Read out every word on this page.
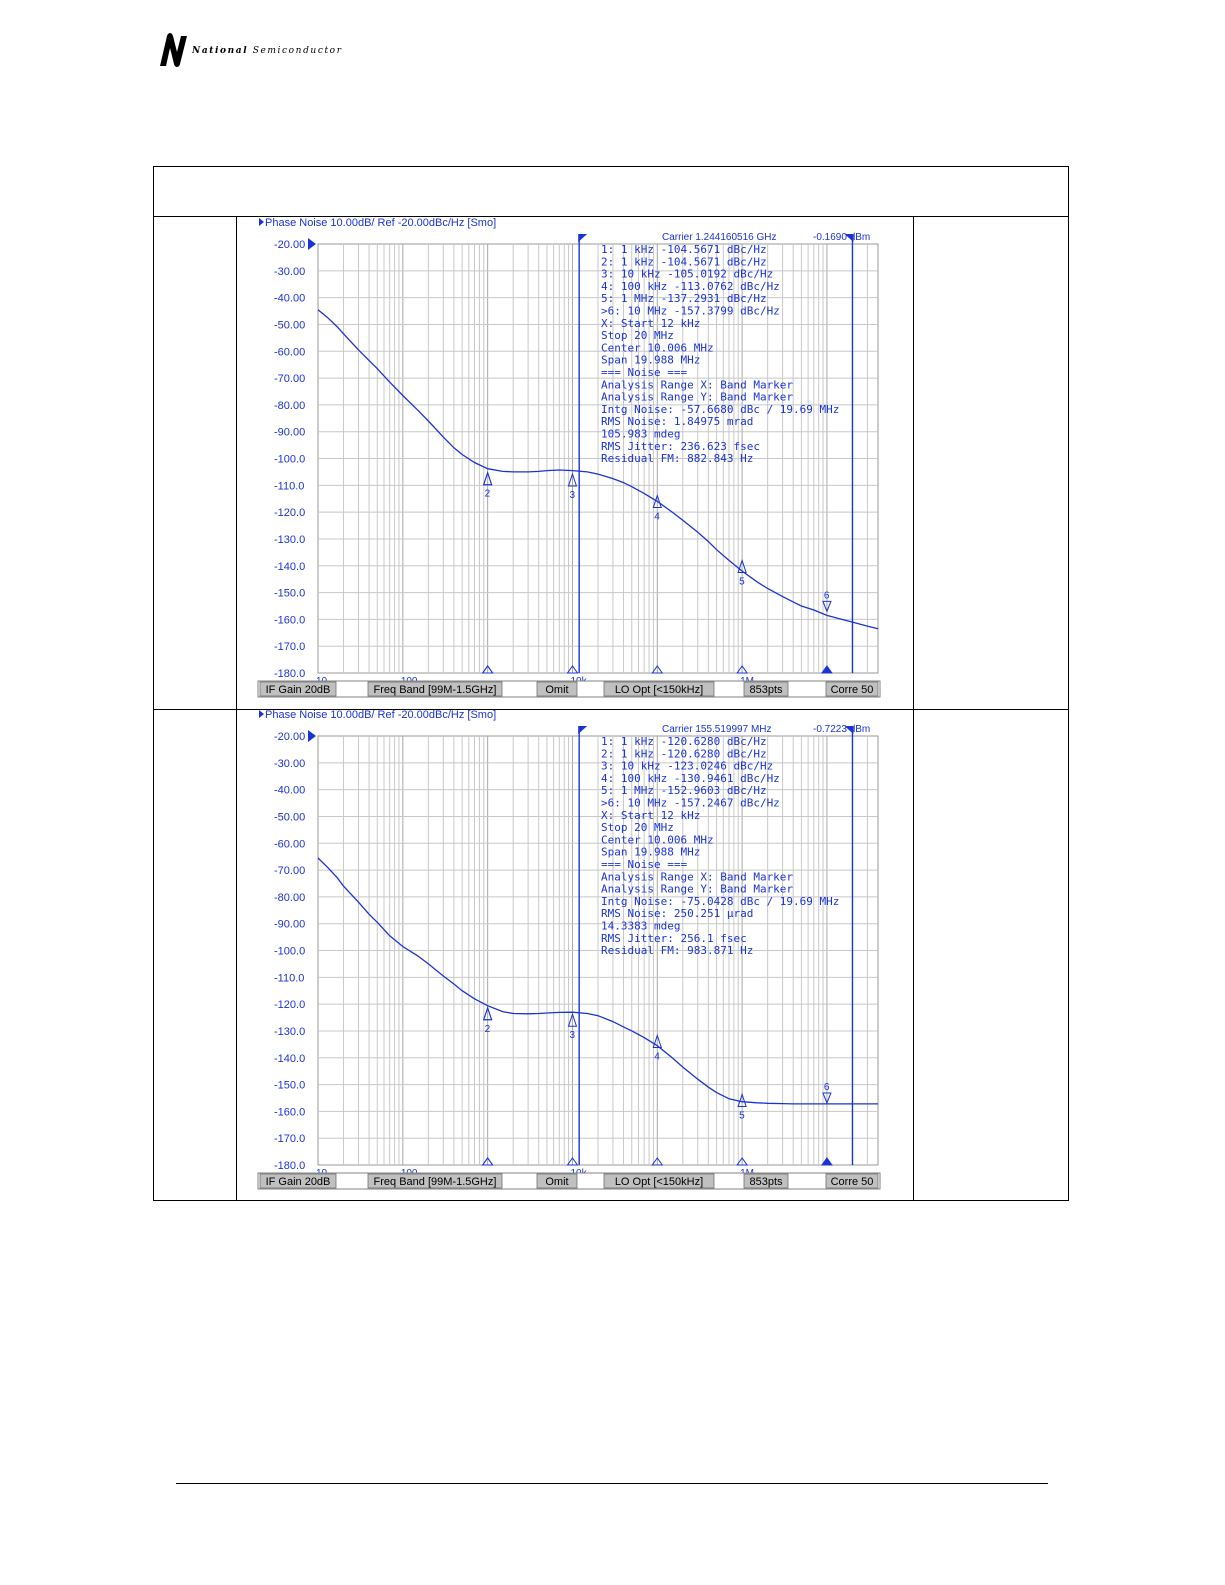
National Semiconductor
Phase Noise 10.00dB/ Ref -20.00dBc/Hz [Smo]
-20.00
-30.00
-40.00
-50.00
-60.00
-70.00
-80.00
-90.00
-100.0
-110.0
-120.0
-130.0
-140.0
-150.0
-160.0
-170.0
-180.0
Carrier 1.244160516 GHz	-0.1690 dBm
2	3
4
5
6
1: 1 kHz -104.5671 dBc/Hz
2: 1 kHz -104.5671 dBc/Hz
3: 10 kHz -105.0192 dBc/Hz
4: 100 kHz -113.0762 dBc/Hz
5: 1 MHz -137.2931 dBc/Hz
>6: 10 MHz -157.3799 dBc/Hz
X: Start 12 kHz
Stop 20 MHz
Center 10.006 MHz
Span 19.988 MHz
=== Noise ===
Analysis Range X: Band Marker
Analysis Range Y: Band Marker
Intg Noise: -57.6680 dBc / 19.69 MHz
RMS Noise: 1.84975 mrad
105.983 mdeg
RMS Jitter: 236.623 fsec
Residual FM: 882.843 Hz
IF Gain 20dB	Freq Band [99M-1.5GHz]	Omit	LO Opt [<150kHz]	853pts	Corre 50
Phase Noise 10.00dB/ Ref -20.00dBc/Hz [Smo]
-20.00
-30.00
-40.00
-50.00
-60.00
-70.00
-80.00
-90.00
-100.0
-110.0
-120.0
-130.0
-140.0
-150.0
-160.0
-170.0
-180.0
Carrier 155.519997 MHz	-0.7223 dBm
2
3
4
5
6
1: 1 kHz -120.6280 dBc/Hz
2: 1 kHz -120.6280 dBc/Hz
3: 10 kHz -123.0246 dBc/Hz
4: 100 kHz -130.9461 dBc/Hz
5: 1 MHz -152.9603 dBc/Hz
>6: 10 MHz -157.2467 dBc/Hz
X: Start 12 kHz
Stop 20 MHz
Center 10.006 MHz
Span 19.988 MHz
=== Noise ===
Analysis Range X: Band Marker
Analysis Range Y: Band Marker
Intg Noise: -75.0428 dBc / 19.69 MHz
RMS Noise: 250.251 µrad
14.3383 mdeg
RMS Jitter: 256.1 fsec
Residual FM: 983.871 Hz
IF Gain 20dB	Freq Band [99M-1.5GHz]	Omit	LO Opt [<150kHz]	853pts	Corre 50
